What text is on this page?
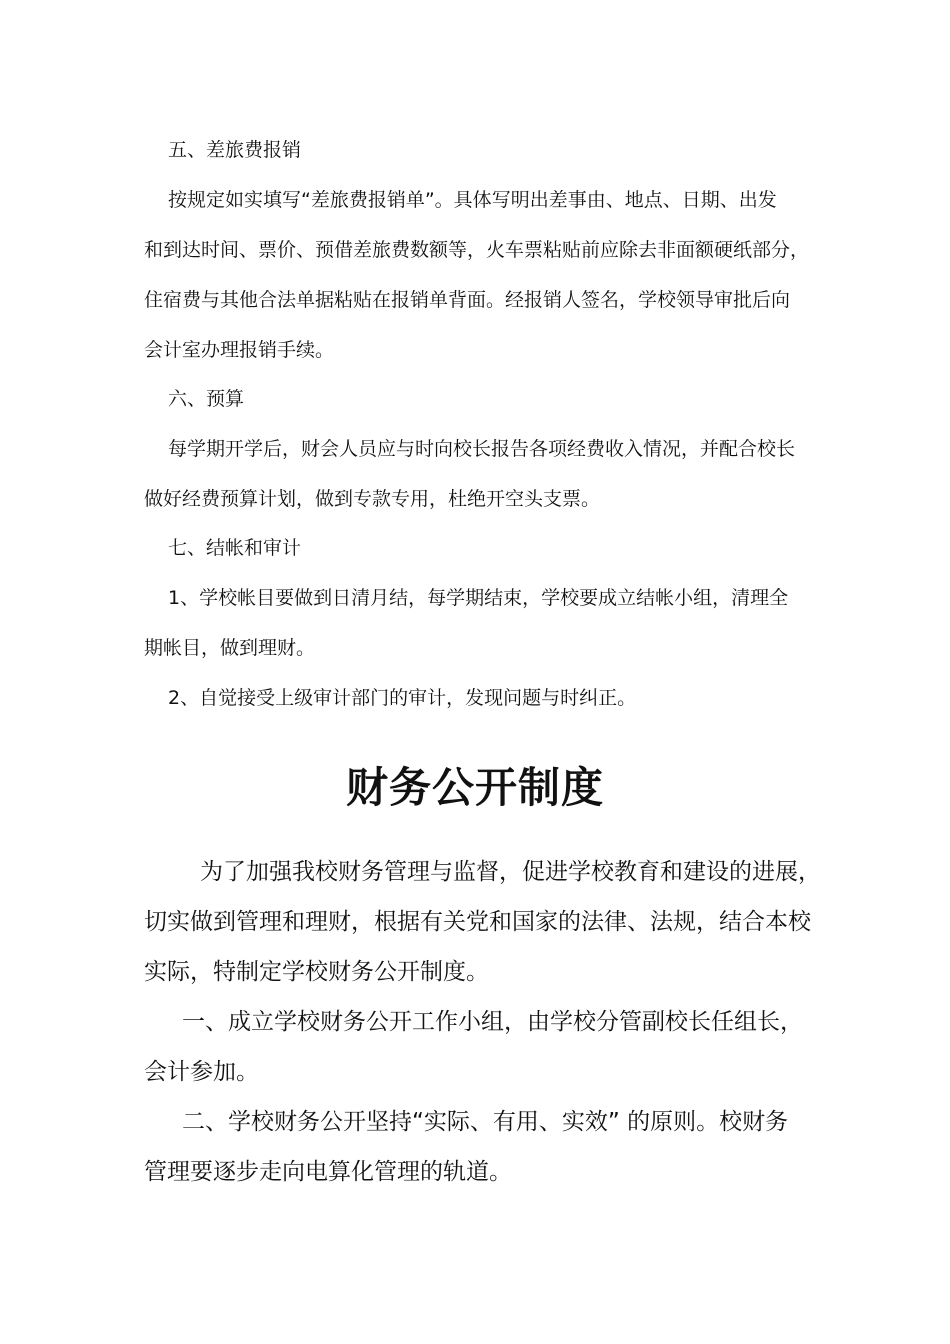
五、差旅费报销
按规定如实填写“差旅费报销单”。具体写明出差事由、地点、日期、出发
和到达时间、票价、预借差旅费数额等，火车票粘贴前应除去非面额硬纸部分，
住宿费与其他合法单据粘贴在报销单背面。经报销人签名，学校领导审批后向
会计室办理报销手续。
六、预算
每学期开学后，财会人员应与时向校长报告各项经费收入情况，并配合校长
做好经费预算计划，做到专款专用，杜绝开空头支票。
七、结帐和审计
1、学校帐目要做到日清月结，每学期结束，学校要成立结帐小组，清理全
期帐目，做到理财。
2、自觉接受上级审计部门的审计，发现问题与时纠正。
财务公开制度
为了加强我校财务管理与监督，促进学校教育和建设的进展，
切实做到管理和理财，根据有关党和国家的法律、法规，结合本校
实际，特制定学校财务公开制度。
一、成立学校财务公开工作小组，由学校分管副校长任组长，
会计参加。
二、学校财务公开坚持“实际、有用、实效” 的原则。校财务
管理要逐步走向电算化管理的轨道。
